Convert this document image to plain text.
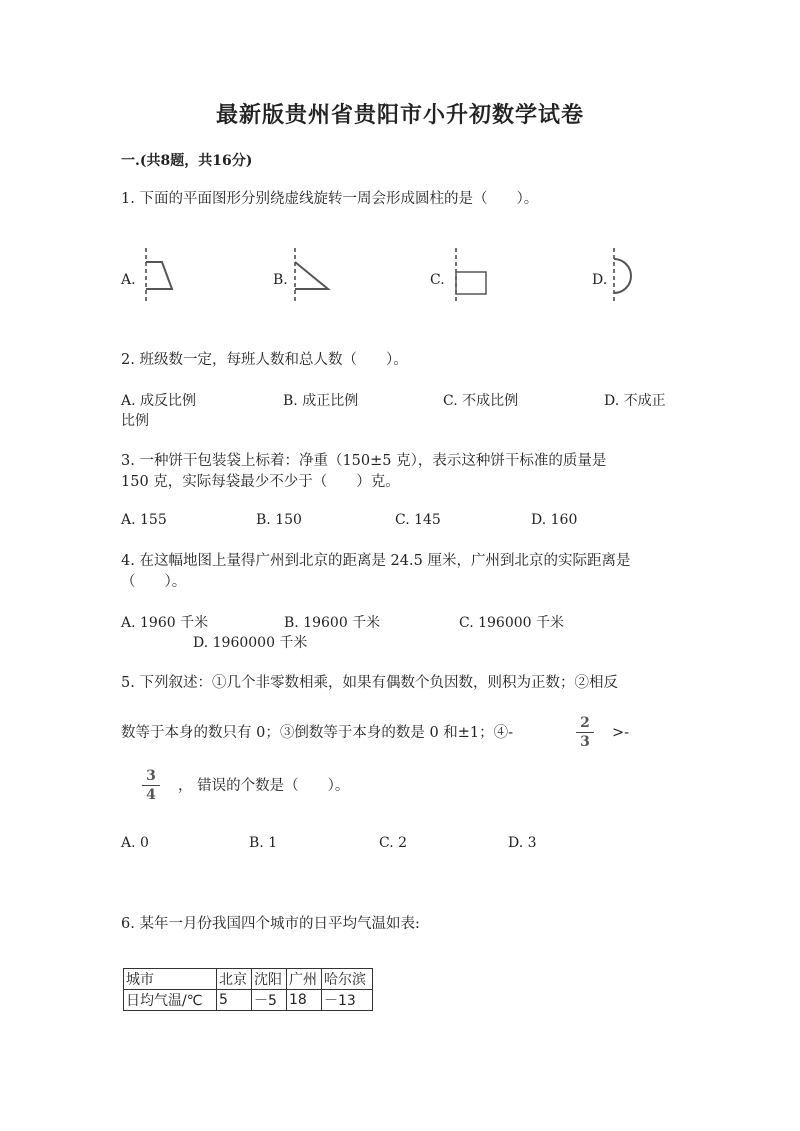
最新版贵州省贵阳市小升初数学试卷
一.(共8题，共16分)
1. 下面的平面图形分别绕虚线旋转一周会形成圆柱的是（　　）。
A.	B.	C.	D.
2. 班级数一定，每班人数和总人数（　　）。
A. 成反比例	B. 成正比例	C. 不成比例	D. 不成正
比例
3. 一种饼干包装袋上标着：净重（150±5 克），表示这种饼干标准的质量是
150 克，实际每袋最少不少于（　　）克。
A. 155	B. 150	C. 145	D. 160
4. 在这幅地图上量得广州到北京的距离是 24.5 厘米，广州到北京的实际距离是
（　　）。
A. 1960 千米	B. 19600 千米	C. 196000 千米
D. 1960000 千米
5. 下列叙述：①几个非零数相乘，如果有偶数个负因数，则积为正数；②相反
数等于本身的数只有 0；③倒数等于本身的数是 0 和±1；④-
2
3
>-
3
4
， 错误的个数是（　　）。
A. 0	B. 1	C. 2	D. 3
6. 某年一月份我国四个城市的日平均气温如表:
城市	北京	沈阳	广州	哈尔滨
日均气温/℃	5	－5	18	－13
